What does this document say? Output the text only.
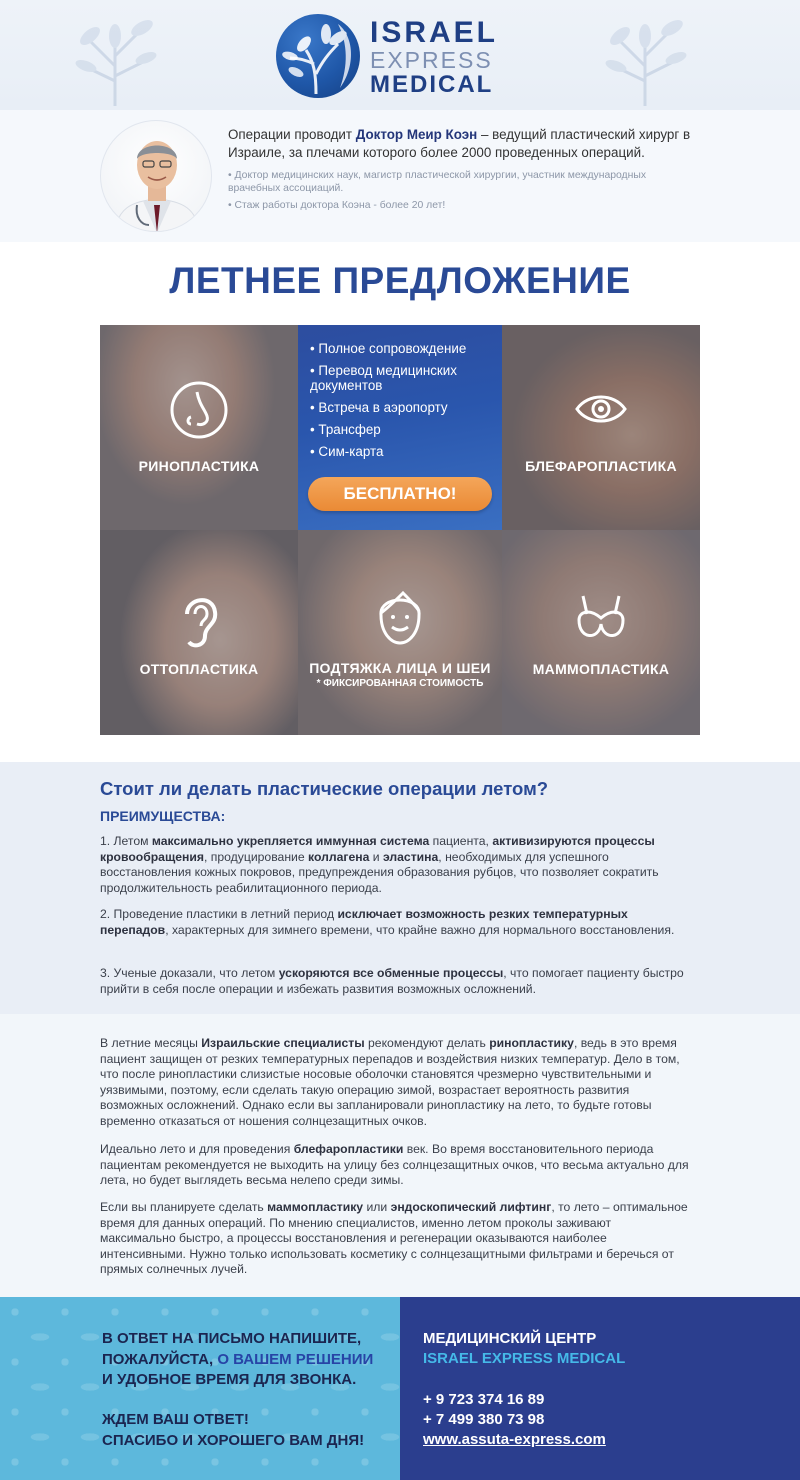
ISRAEL
EXPRESS
MEDICAL

Операции проводит Доктор Меир Коэн – ведущий пластический хирург в Израиле, за плечами которого более 2000 проведенных операций.

• Доктор медицинских наук, магистр пластической хирургии, участник международных врачебных ассоциаций.

• Стаж работы доктора Коэна - более 20 лет!

ЛЕТНЕЕ ПРЕДЛОЖЕНИЕ
РИНОПЛАСТИКА
• Полное сопровождение
• Перевод медицинских документов
• Встреча в аэропорту
• Трансфер
• Сим-карта
БЕСПЛАТНО!
БЛЕФАРОПЛАСТИКА
ОТТОПЛАСТИКА	ПОДТЯЖКА ЛИЦА И ШЕИ
* ФИКСИРОВАННАЯ СТОИМОСТЬ
МАММОПЛАСТИКА
Стоит ли делать пластические операции летом?
ПРЕИМУЩЕСТВА:

1. Летом максимально укрепляется иммунная система пациента, активизируются процессы кровообращения, продуцирование коллагена и эластина, необходимых для успешного восстановления кожных покровов, предупреждения образования рубцов, что позволяет сократить продолжительность реабилитационного периода.

2. Проведение пластики в летний период исключает возможность резких температурных перепадов, характерных для зимнего времени, что крайне важно для нормального восстановления.

3. Ученые доказали, что летом ускоряются все обменные процессы, что помогает пациенту быстро прийти в себя после операции и избежать развития возможных осложнений.

В летние месяцы Израильские специалисты рекомендуют делать ринопластику, ведь в это время пациент защищен от резких температурных перепадов и воздействия низких температур. Дело в том, что после ринопластики слизистые носовые оболочки становятся чрезмерно чувствительными и уязвимыми, поэтому, если сделать такую операцию зимой, возрастает вероятность развития возможных осложнений. Однако если вы запланировали ринопластику на лето, то будьте готовы временно отказаться от ношения солнцезащитных очков.

Идеально лето и для проведения блефаропластики век. Во время восстановительного периода пациентам рекомендуется не выходить на улицу без солнцезащитных очков, что весьма актуально для лета, но будет выглядеть весьма нелепо среди зимы.

Если вы планируете сделать маммопластику или эндоскопический лифтинг, то лето – оптимальное время для данных операций. По мнению специалистов, именно летом проколы заживают максимально быстро, а процессы восстановления и регенерации оказываются наиболее интенсивными. Нужно только использовать косметику с солнцезащитными фильтрами и беречься от прямых солнечных лучей.

В ОТВЕТ НА ПИСЬМО НАПИШИТЕ,
ПОЖАЛУЙСТА, О ВАШЕМ РЕШЕНИИ
И УДОБНОЕ ВРЕМЯ ДЛЯ ЗВОНКА.
ЖДЕМ ВАШ ОТВЕТ!
СПАСИБО И ХОРОШЕГО ВАМ ДНЯ!
МЕДИЦИНСКИЙ ЦЕНТР
ISRAEL EXPRESS MEDICAL
+ 9 723 374 16 89
+ 7 499 380 73 98
www.assuta-express.com
